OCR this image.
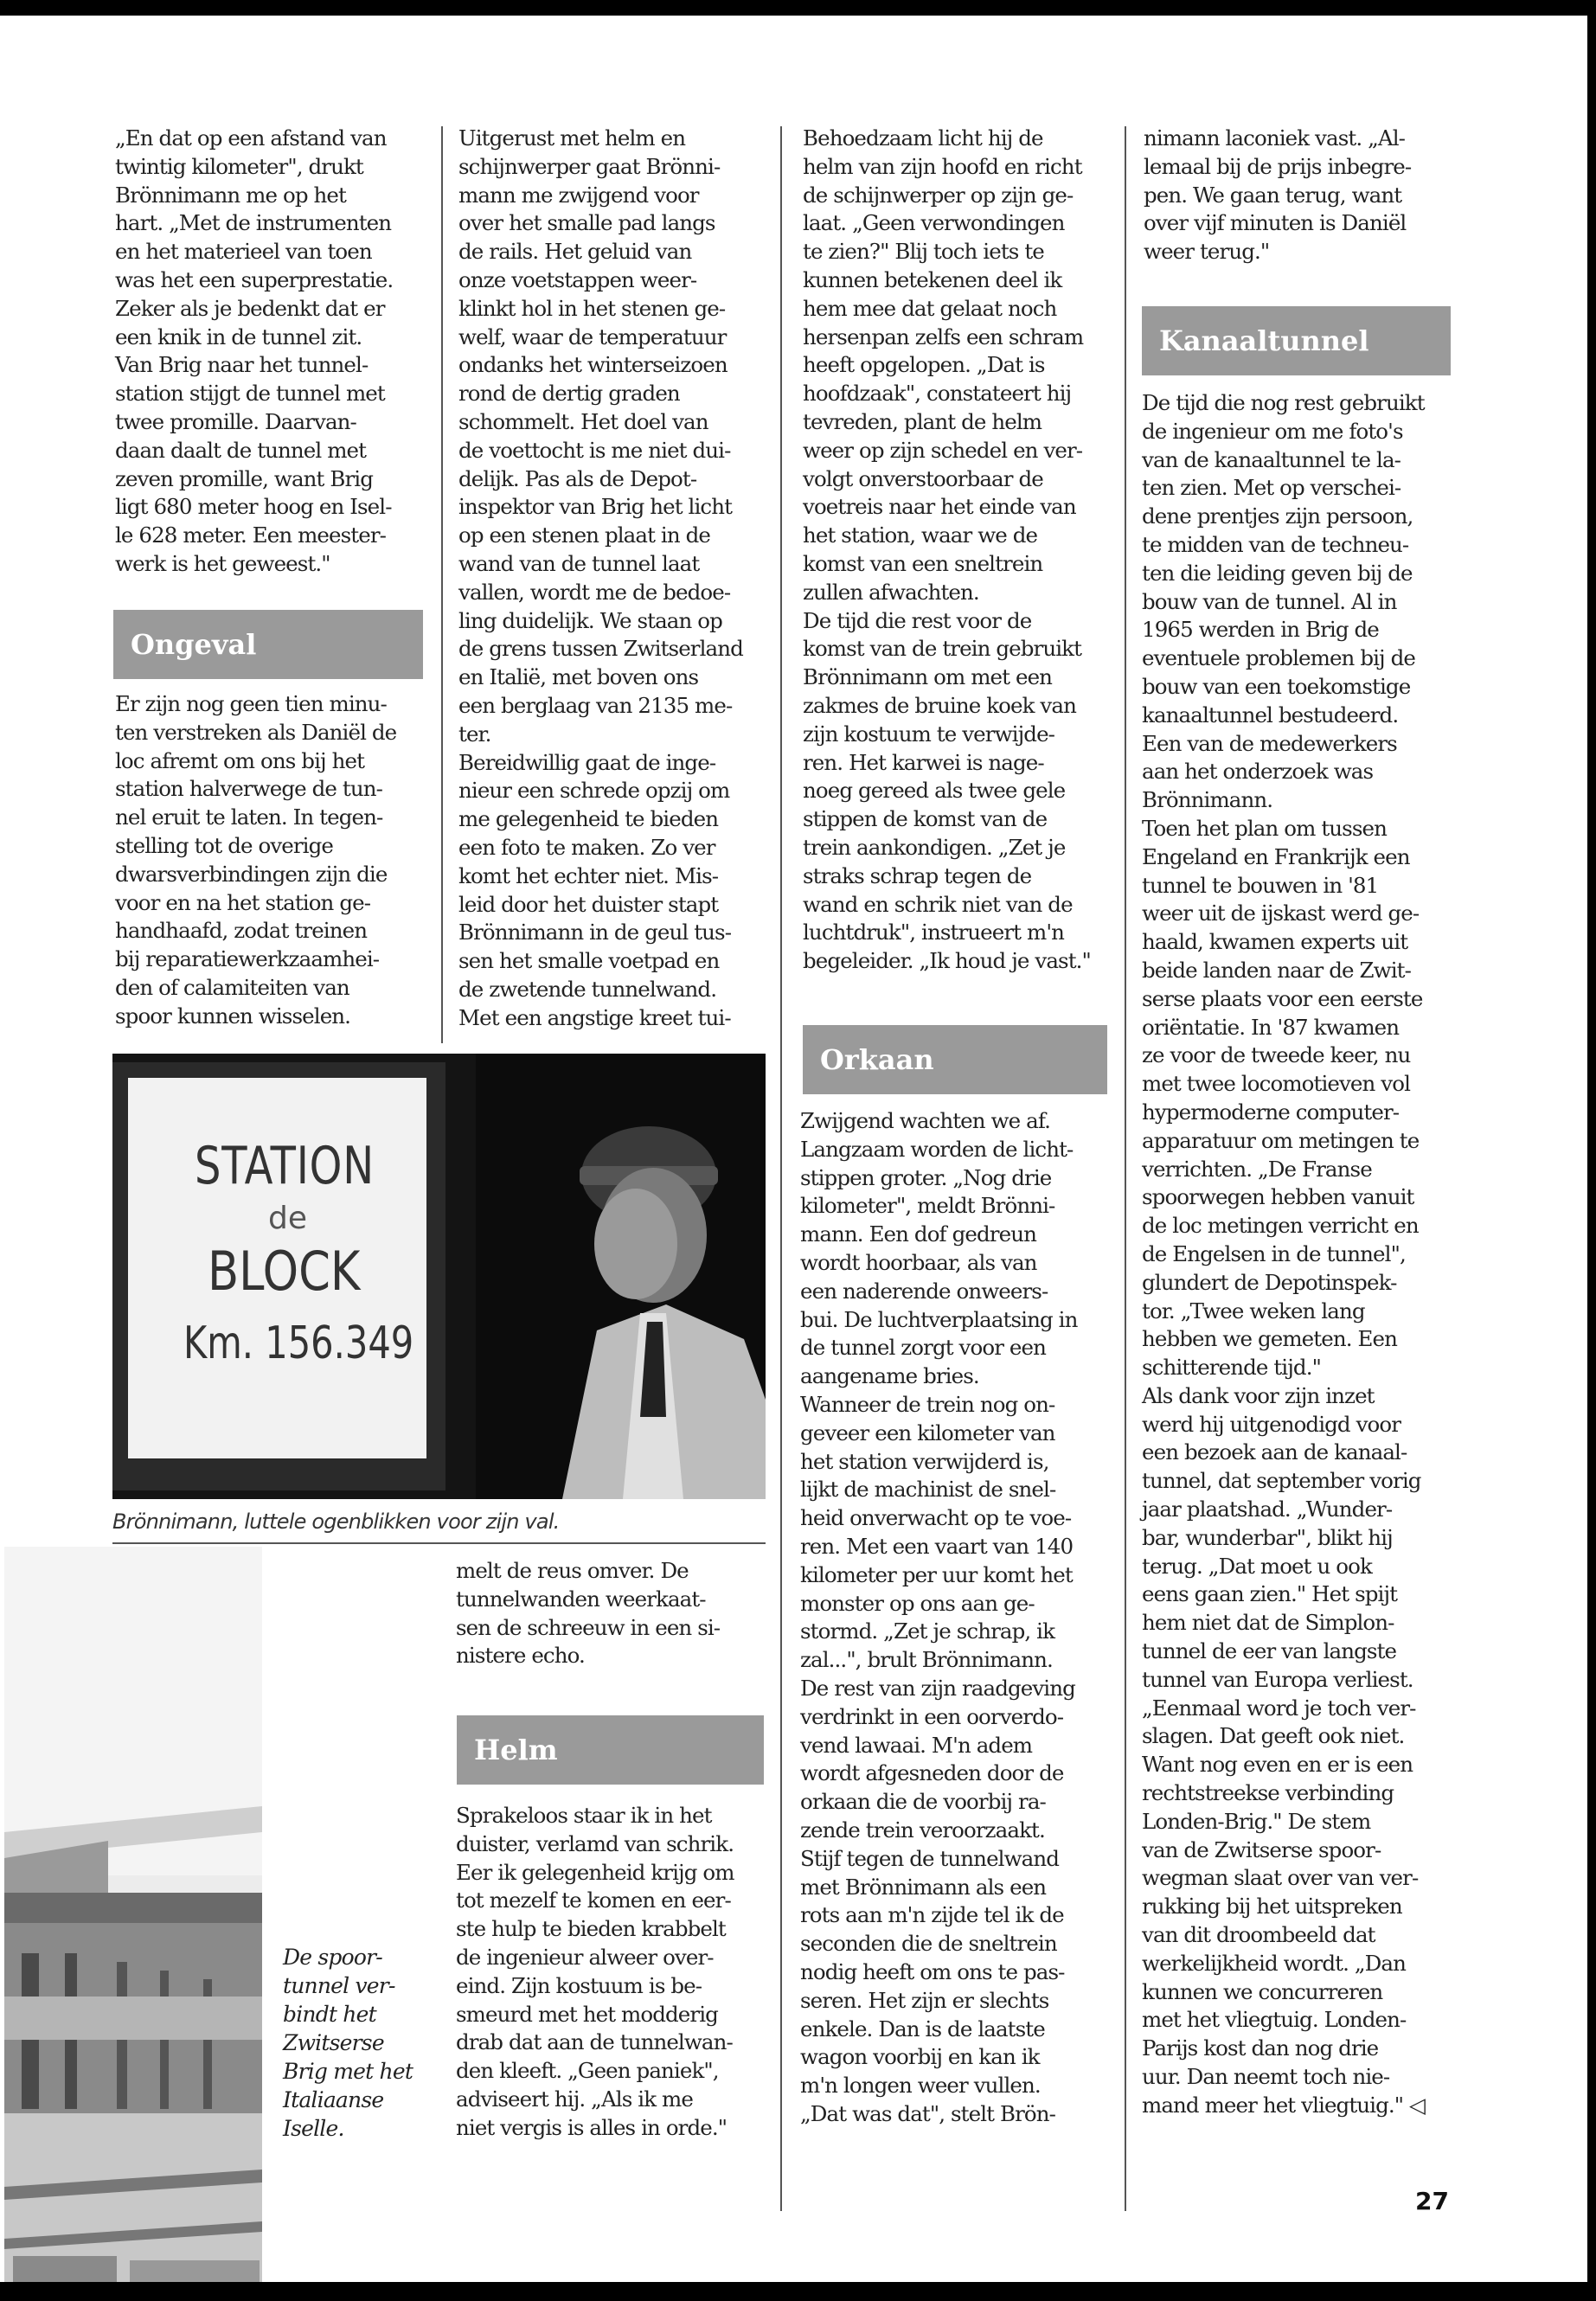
„En dat op een afstand van

twintig kilometer", drukt

Brönnimann me op het

hart. „Met de instrumenten

en het materieel van toen

was het een superprestatie.

Zeker als je bedenkt dat er

een knik in de tunnel zit.

Van Brig naar het tunnel-

station stijgt de tunnel met

twee promille. Daarvan-

daan daalt de tunnel met

zeven promille, want Brig

ligt 680 meter hoog en Isel-

le 628 meter. Een meester-

werk is het geweest."

Ongeval

Er zijn nog geen tien minu-

ten verstreken als Daniël de

loc afremt om ons bij het

station halverwege de tun-

nel eruit te laten. In tegen-

stelling tot de overige

dwarsverbindingen zijn die

voor en na het station ge-

handhaafd, zodat treinen

bij reparatiewerkzaamhei-

den of calamiteiten van

spoor kunnen wisselen.

Uitgerust met helm en

schijnwerper gaat Brönni-

mann me zwijgend voor

over het smalle pad langs

de rails. Het geluid van

onze voetstappen weer-

klinkt hol in het stenen ge-

welf, waar de temperatuur

ondanks het winterseizoen

rond de dertig graden

schommelt. Het doel van

de voettocht is me niet dui-

delijk. Pas als de Depot-

inspektor van Brig het licht

op een stenen plaat in de

wand van de tunnel laat

vallen, wordt me de bedoe-

ling duidelijk. We staan op

de grens tussen Zwitserland

en Italië, met boven ons

een berglaag van 2135 me-

ter.

Bereidwillig gaat de inge-

nieur een schrede opzij om

me gelegenheid te bieden

een foto te maken. Zo ver

komt het echter niet. Mis-

leid door het duister stapt

Brönnimann in de geul tus-

sen het smalle voetpad en

de zwetende tunnelwand.

Met een angstige kreet tui-

STATION
de
BLOCK
Km. 156.349
Brönnimann, luttele ogenblikken voor zijn val.

De spoor-

tunnel ver-

bindt het

Zwitserse

Brig met het

Italiaanse

Iselle.

melt de reus omver. De

tunnelwanden weerkaat-

sen de schreeuw in een si-

nistere echo.

Helm

Sprakeloos staar ik in het

duister, verlamd van schrik.

Eer ik gelegenheid krijg om

tot mezelf te komen en eer-

ste hulp te bieden krabbelt

de ingenieur alweer over-

eind. Zijn kostuum is be-

smeurd met het modderig

drab dat aan de tunnelwan-

den kleeft. „Geen paniek",

adviseert hij. „Als ik me

niet vergis is alles in orde."

Behoedzaam licht hij de

helm van zijn hoofd en richt

de schijnwerper op zijn ge-

laat. „Geen verwondingen

te zien?" Blij toch iets te

kunnen betekenen deel ik

hem mee dat gelaat noch

hersenpan zelfs een schram

heeft opgelopen. „Dat is

hoofdzaak", constateert hij

tevreden, plant de helm

weer op zijn schedel en ver-

volgt onverstoorbaar de

voetreis naar het einde van

het station, waar we de

komst van een sneltrein

zullen afwachten.

De tijd die rest voor de

komst van de trein gebruikt

Brönnimann om met een

zakmes de bruine koek van

zijn kostuum te verwijde-

ren. Het karwei is nage-

noeg gereed als twee gele

stippen de komst van de

trein aankondigen. „Zet je

straks schrap tegen de

wand en schrik niet van de

luchtdruk", instrueert m'n

begeleider. „Ik houd je vast."

Orkaan

Zwijgend wachten we af.

Langzaam worden de licht-

stippen groter. „Nog drie

kilometer", meldt Brönni-

mann. Een dof gedreun

wordt hoorbaar, als van

een naderende onweers-

bui. De luchtverplaatsing in

de tunnel zorgt voor een

aangename bries.

Wanneer de trein nog on-

geveer een kilometer van

het station verwijderd is,

lijkt de machinist de snel-

heid onverwacht op te voe-

ren. Met een vaart van 140

kilometer per uur komt het

monster op ons aan ge-

stormd. „Zet je schrap, ik

zal...", brult Brönnimann.

De rest van zijn raadgeving

verdrinkt in een oorverdo-

vend lawaai. M'n adem

wordt afgesneden door de

orkaan die de voorbij ra-

zende trein veroorzaakt.

Stijf tegen de tunnelwand

met Brönnimann als een

rots aan m'n zijde tel ik de

seconden die de sneltrein

nodig heeft om ons te pas-

seren. Het zijn er slechts

enkele. Dan is de laatste

wagon voorbij en kan ik

m'n longen weer vullen.

„Dat was dat", stelt Brön-

nimann laconiek vast. „Al-

lemaal bij de prijs inbegre-

pen. We gaan terug, want

over vijf minuten is Daniël

weer terug."

Kanaaltunnel

De tijd die nog rest gebruikt

de ingenieur om me foto's

van de kanaaltunnel te la-

ten zien. Met op verschei-

dene prentjes zijn persoon,

te midden van de techneu-

ten die leiding geven bij de

bouw van de tunnel. Al in

1965 werden in Brig de

eventuele problemen bij de

bouw van een toekomstige

kanaaltunnel bestudeerd.

Een van de medewerkers

aan het onderzoek was

Brönnimann.

Toen het plan om tussen

Engeland en Frankrijk een

tunnel te bouwen in '81

weer uit de ijskast werd ge-

haald, kwamen experts uit

beide landen naar de Zwit-

serse plaats voor een eerste

oriëntatie. In '87 kwamen

ze voor de tweede keer, nu

met twee locomotieven vol

hypermoderne computer-

apparatuur om metingen te

verrichten. „De Franse

spoorwegen hebben vanuit

de loc metingen verricht en

de Engelsen in de tunnel",

glundert de Depotinspek-

tor. „Twee weken lang

hebben we gemeten. Een

schitterende tijd."

Als dank voor zijn inzet

werd hij uitgenodigd voor

een bezoek aan de kanaal-

tunnel, dat september vorig

jaar plaatshad. „Wunder-

bar, wunderbar", blikt hij

terug. „Dat moet u ook

eens gaan zien." Het spijt

hem niet dat de Simplon-

tunnel de eer van langste

tunnel van Europa verliest.

„Eenmaal word je toch ver-

slagen. Dat geeft ook niet.

Want nog even en er is een

rechtstreekse verbinding

Londen-Brig." De stem

van de Zwitserse spoor-

wegman slaat over van ver-

rukking bij het uitspreken

van dit droombeeld dat

werkelijkheid wordt. „Dan

kunnen we concurreren

met het vliegtuig. Londen-

Parijs kost dan nog drie

uur. Dan neemt toch nie-

mand meer het vliegtuig." ◁

27
